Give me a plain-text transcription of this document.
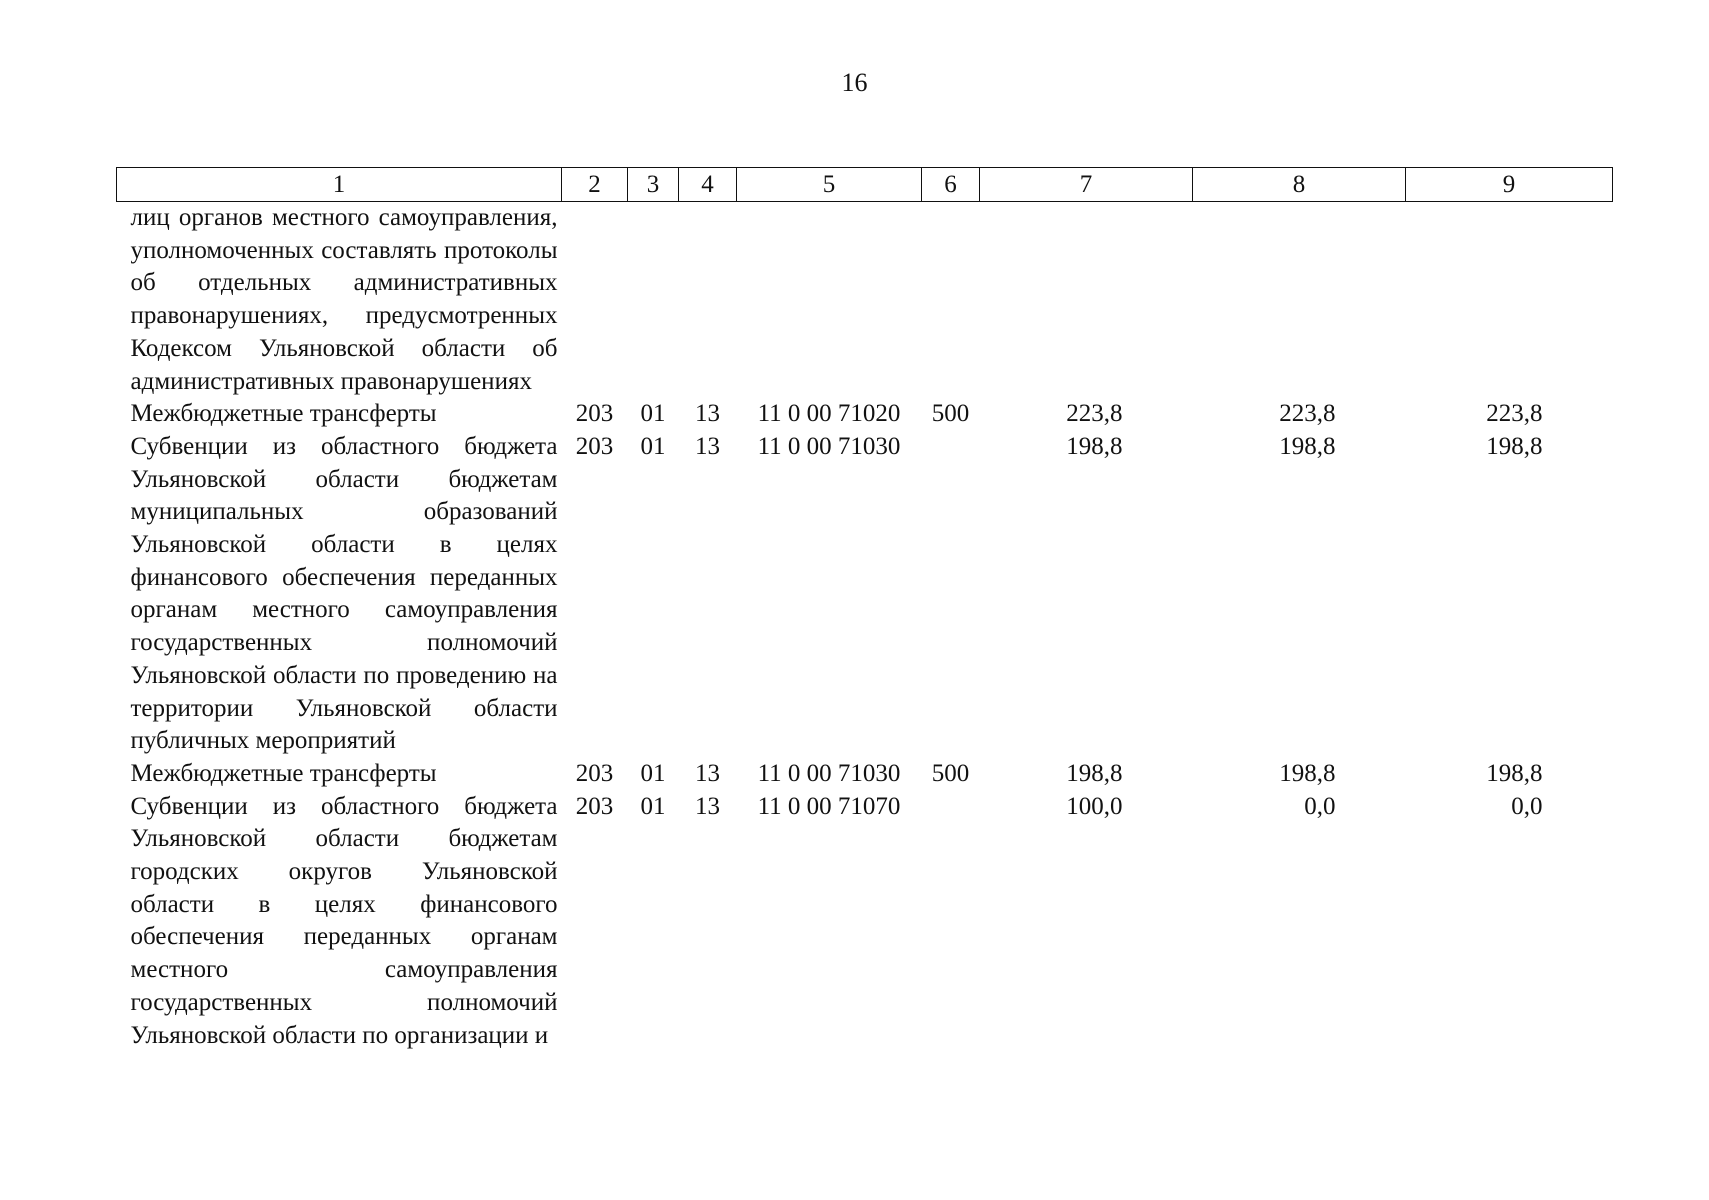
16
1	2	3	4	5	6	7	8	9
лиц органов местного самоуправления, уполномоченных составлять протоколы об отдельных административных правонарушениях, предусмотренных Кодексом Ульяновской области об административных правонарушениях								
Межбюджетные трансферты	203	01	13	11 0 00 71020	500	223,8	223,8	223,8
Субвенции из областного бюджета Ульяновской области бюджетам муниципальных образований Ульяновской области в целях финансового обеспечения переданных органам местного самоуправления государственных полномочий Ульяновской области по проведению на территории Ульяновской области публичных мероприятий	203	01	13	11 0 00 71030		198,8	198,8	198,8
Межбюджетные трансферты	203	01	13	11 0 00 71030	500	198,8	198,8	198,8
Субвенции из областного бюджета Ульяновской области бюджетам городских округов Ульяновской области в целях финансового обеспечения переданных органам местного самоуправления государственных полномочий Ульяновской области по организации и	203	01	13	11 0 00 71070		100,0	0,0	0,0
